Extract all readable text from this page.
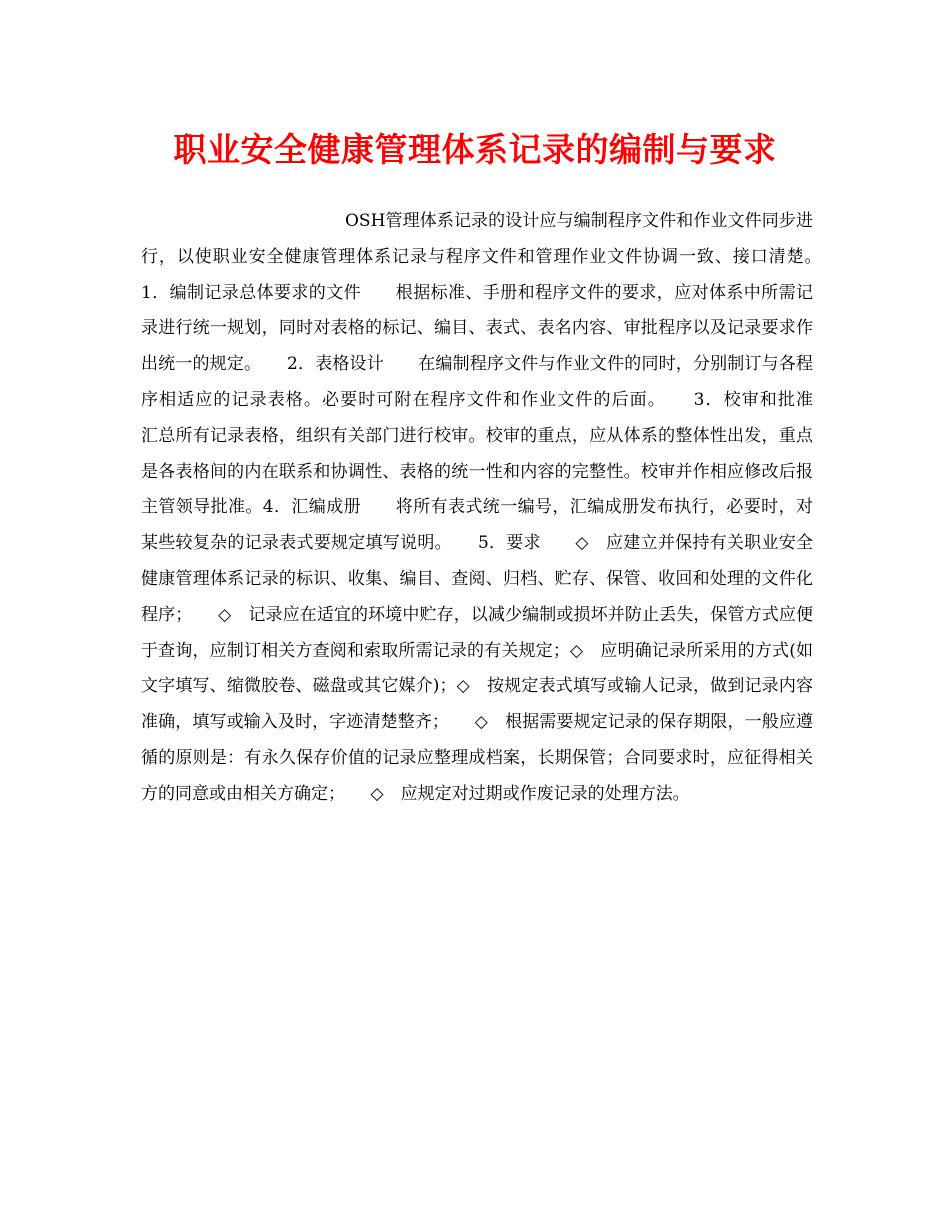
职业安全健康管理体系记录的编制与要求

OSH管理体系记录的设计应与编制程序文件和作业文件同步进行，以使职业安全健康管理体系记录与程序文件和管理作业文件协调一致、接口清楚。　　1．编制记录总体要求的文件　　根据标准、手册和程序文件的要求，应对体系中所需记录进行统一规划，同时对表格的标记、编目、表式、表名内容、审批程序以及记录要求作出统一的规定。　　2．表格设计　　在编制程序文件与作业文件的同时，分别制订与各程序相适应的记录表格。必要时可附在程序文件和作业文件的后面。　　3．校审和批准　　汇总所有记录表格，组织有关部门进行校审。校审的重点，应从体系的整体性出发，重点是各表格间的内在联系和协调性、表格的统一性和内容的完整性。校审并作相应修改后报主管领导批准。4．汇编成册　　将所有表式统一编号，汇编成册发布执行，必要时，对某些较复杂的记录表式要规定填写说明。　　5．要求　　◇　应建立并保持有关职业安全健康管理体系记录的标识、收集、编目、查阅、归档、贮存、保管、收回和处理的文件化程序；　　◇　记录应在适宜的环境中贮存，以减少编制或损坏并防止丢失，保管方式应便于查询，应制订相关方查阅和索取所需记录的有关规定；◇　应明确记录所采用的方式(如文字填写、缩微胶卷、磁盘或其它媒介)；◇　按规定表式填写或输人记录，做到记录内容准确，填写或输入及时，字迹清楚整齐；　　◇　根据需要规定记录的保存期限，一般应遵循的原则是：有永久保存价值的记录应整理成档案，长期保管；合同要求时，应征得相关方的同意或由相关方确定；　　◇　应规定对过期或作废记录的处理方法。
